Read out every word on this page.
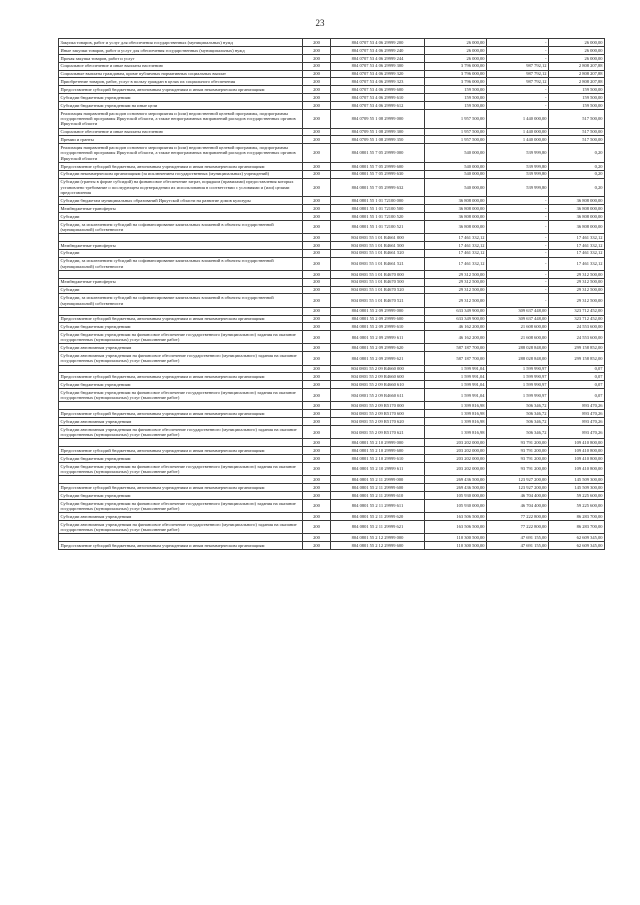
23
Закупка товаров, работ и услуг для обеспечения государственных (муниципальных) нужд	200	804 0707 53 4 06 29999 200	26 000,00	-	26 000,00
Иные закупки товаров, работ и услуг для обеспечения государственных (муниципальных) нужд	200	804 0707 53 4 06 29999 240	26 000,00	-	26 000,00
Прочая закупка товаров, работ и услуг	200	804 0707 53 4 06 29999 244	26 000,00	-	26 000,00
Социальное обеспечение и иные выплаты населению	200	804 0707 53 4 06 29999 300	3 796 000,00	987 792,12	2 808 207,88
Социальные выплаты гражданам, кроме публичных нормативных социальных выплат	200	804 0707 53 4 06 29999 320	3 796 000,00	987 792,12	2 808 207,88
Приобретение товаров, работ, услуг в пользу граждан в целях их социального обеспечения	200	804 0707 53 4 06 29999 323	3 796 000,00	987 792,12	2 808 207,88
Предоставление субсидий бюджетным, автономным учреждениям и иным некоммерческим организациям	200	804 0707 53 4 06 29999 600	159 500,00	-	159 500,00
Субсидии бюджетным учреждениям	200	804 0707 53 4 06 29999 610	159 500,00	-	159 500,00
Субсидии бюджетным учреждениям на иные цели	200	804 0707 53 4 06 29999 612	159 500,00	-	159 500,00
Реализация направлений расходов основного мероприятия и (или) ведомственной целевой программы, подпрограммы государственной программы Иркутской области, а также непрограммных направлений расходов государственных органов Иркутской области	200	804 0709 55 1 08 29999 000	1 957 500,00	1 440 000,00	517 500,00
Социальное обеспечение и иные выплаты населению	200	804 0709 55 1 08 29999 300	1 957 500,00	1 440 000,00	517 500,00
Премии и гранты	200	804 0709 55 1 08 29999 350	1 957 500,00	1 440 000,00	517 500,00
Реализация направлений расходов основного мероприятия и (или) ведомственной целевой программы, подпрограммы государственной программы Иркутской области, а также непрограммных направлений расходов государственных органов Иркутской области	200	804 0801 55 7 05 29999 000	540 000,00	539 999,80	0,20
Предоставление субсидий бюджетным, автономным учреждениям и иным некоммерческим организациям	200	804 0801 55 7 05 29999 600	540 000,00	539 999,80	0,20
Субсидии некоммерческим организациям (за исключением государственных (муниципальных) учреждений)	200	804 0801 55 7 05 29999 630	540 000,00	539 999,80	0,20
Субсидии (гранты в форме субсидий) на финансовое обеспечение затрат, порядком (правилами) предоставления которых установлено требование о последующем подтверждении их использования в соответствии с условиями и (или) целями предоставления	200	804 0801 55 7 05 29999 632	540 000,00	539 999,80	0,20
Субсидии бюджетам муниципальных образований Иркутской области на развитие домов культуры	200	804 0801 55 1 01 72100 000	36 808 000,00	-	36 808 000,00
Межбюджетные трансферты	200	804 0801 55 1 01 72100 500	36 808 000,00	-	36 808 000,00
Субсидии	200	804 0801 55 1 01 72100 520	36 808 000,00	-	36 808 000,00
Субсидии, за исключением субсидий на софинансирование капитальных вложений в объекты государственной (муниципальной) собственности	200	804 0801 55 1 01 72100 521	36 808 000,00	-	36 808 000,00
	200	804 0801 55 1 01 R4661 000	17 461 332,12	-	17 461 332,12
Межбюджетные трансферты	200	804 0801 55 1 01 R4661 500	17 461 332,12	-	17 461 332,12
Субсидии	200	804 0801 55 1 01 R4661 520	17 461 332,12	-	17 461 332,12
Субсидии, за исключением субсидий на софинансирование капитальных вложений в объекты государственной (муниципальной) собственности	200	804 0801 55 1 01 R4661 521	17 461 332,12	-	17 461 332,12
	200	804 0801 55 1 01 R4670 000	29 312 500,00	-	29 312 500,00
Межбюджетные трансферты	200	804 0801 55 1 01 R4670 500	29 312 500,00	-	29 312 500,00
Субсидии	200	804 0801 55 1 01 R4670 520	29 312 500,00	-	29 312 500,00
Субсидии, за исключением субсидий на софинансирование капитальных вложений в объекты государственной (муниципальной) собственности	200	804 0801 55 1 01 R4670 521	29 312 500,00	-	29 312 500,00
	200	804 0801 55 2 09 29999 000	633 349 900,00	309 637 448,00	323 712 452,00
Предоставление субсидий бюджетным, автономным учреждениям и иным некоммерческим организациям	200	804 0801 55 2 09 29999 600	633 349 900,00	309 637 448,00	323 712 452,00
Субсидии бюджетным учреждениям	200	804 0801 55 2 09 29999 610	46 162 200,00	21 608 600,00	24 553 600,00
Субсидии бюджетным учреждениям на финансовое обеспечение государственного (муниципального) задания на оказание государственных (муниципальных) услуг (выполнение работ)	200	804 0801 55 2 09 29999 611	46 162 200,00	21 608 600,00	24 553 600,00
Субсидии автономным учреждениям	200	804 0801 55 2 09 29999 620	587 187 700,00	288 028 848,00	299 158 852,00
Субсидии автономным учреждениям на финансовое обеспечение государственного (муниципального) задания на оказание государственных (муниципальных) услуг (выполнение работ)	200	804 0801 55 2 09 29999 621	587 187 700,00	288 028 848,00	299 158 852,00
	200	804 0801 55 2 09 R4660 000	1 599 991,04	1 599 990,97	0,07
Предоставление субсидий бюджетным, автономным учреждениям и иным некоммерческим организациям	200	804 0801 55 2 09 R4660 600	1 599 991,04	1 599 990,97	0,07
Субсидии бюджетным учреждениям	200	804 0801 55 2 09 R4660 610	1 599 991,04	1 599 990,97	0,07
Субсидии бюджетным учреждениям на финансовое обеспечение государственного (муниципального) задания на оказание государственных (муниципальных) услуг (выполнение работ)	200	804 0801 55 2 09 R4660 611	1 599 991,04	1 599 990,97	0,07
	200	804 0801 55 2 09 R5170 000	1 399 816,98	506 346,72	893 470,26
Предоставление субсидий бюджетным, автономным учреждениям и иным некоммерческим организациям	200	804 0801 55 2 09 R5170 600	1 399 816,98	506 346,72	893 470,26
Субсидии автономным учреждениям	200	804 0801 55 2 09 R5170 620	1 399 816,98	506 346,72	893 470,26
Субсидии автономным учреждениям на финансовое обеспечение государственного (муниципального) задания на оказание государственных (муниципальных) услуг (выполнение работ)	200	804 0801 55 2 09 R5170 621	1 399 816,98	506 346,72	893 470,26
	200	804 0801 55 2 10 29999 000	203 202 000,00	93 791 200,00	109 410 800,00
Предоставление субсидий бюджетным, автономным учреждениям и иным некоммерческим организациям	200	804 0801 55 2 10 29999 600	203 202 000,00	93 791 200,00	109 410 800,00
Субсидии бюджетным учреждениям	200	804 0801 55 2 10 29999 610	203 202 000,00	93 791 200,00	109 410 800,00
Субсидии бюджетным учреждениям на финансовое обеспечение государственного (муниципального) задания на оказание государственных (муниципальных) услуг (выполнение работ)	200	804 0801 55 2 10 29999 611	203 202 000,00	93 791 200,00	109 410 800,00
	200	804 0801 55 2 11 29999 000	269 436 500,00	123 927 200,00	145 509 300,00
Предоставление субсидий бюджетным, автономным учреждениям и иным некоммерческим организациям	200	804 0801 55 2 11 29999 600	269 436 500,00	123 927 200,00	145 509 300,00
Субсидии бюджетным учреждениям	200	804 0801 55 2 11 29999 610	105 930 000,00	46 704 400,00	59 225 600,00
Субсидии бюджетным учреждениям на финансовое обеспечение государственного (муниципального) задания на оказание государственных (муниципальных) услуг (выполнение работ)	200	804 0801 55 2 11 29999 611	105 930 000,00	46 704 400,00	59 225 600,00
Субсидии автономным учреждениям	200	804 0801 55 2 11 29999 620	163 506 500,00	77 222 800,00	86 283 700,00
Субсидии автономным учреждениям на финансовое обеспечение государственного (муниципального) задания на оказание государственных (муниципальных) услуг (выполнение работ)	200	804 0801 55 2 11 29999 621	163 506 500,00	77 222 800,00	86 283 700,00
	200	804 0801 55 2 12 29999 000	110 300 500,00	47 691 155,00	62 609 345,00
Предоставление субсидий бюджетным, автономным учреждениям и иным некоммерческим организациям	200	804 0801 55 2 12 29999 600	110 300 500,00	47 691 155,00	62 609 345,00
